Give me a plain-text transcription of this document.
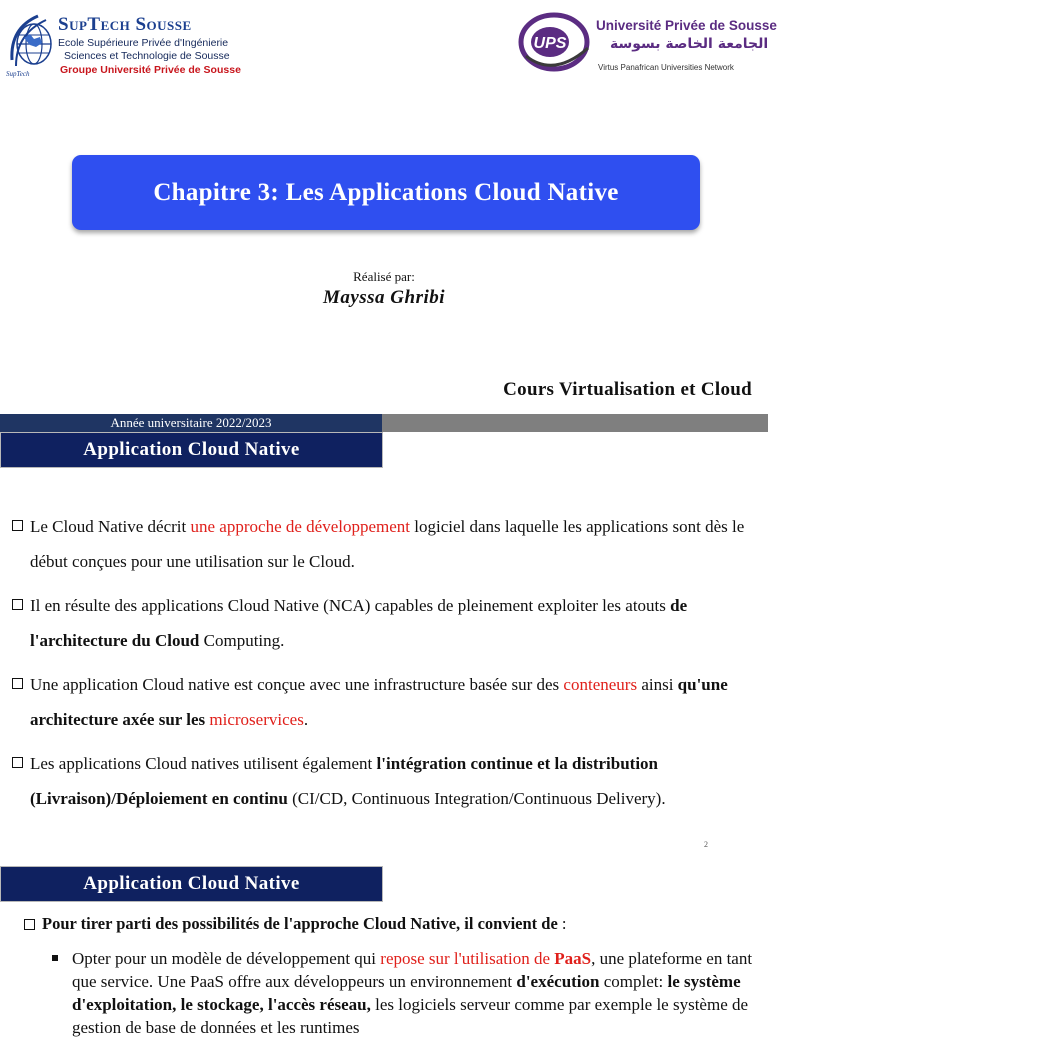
SupTech Sousse
Ecole Supérieure Privée d'Ingénierie
Sciences et Technologie de Sousse
Groupe Université Privée de Sousse
SupTech
UPS
Université Privée de Sousse
الجامعة الخاصة بسوسة
Virtus Panafrican Universities Network
Chapitre 3: Les Applications Cloud Native
Réalisé par:
Mayssa Ghribi
Cours Virtualisation et Cloud
Année universitaire 2022/2023	1
Application Cloud Native
Le Cloud Native décrit une approche de développement logiciel dans laquelle les applications sont dès le début conçues pour une utilisation sur le Cloud.
Il en résulte des applications Cloud Native (NCA) capables de pleinement exploiter les atouts de l'architecture du Cloud Computing.
Une application Cloud native est conçue avec une infrastructure basée sur des conteneurs ainsi qu'une architecture axée sur les microservices.
Les applications Cloud natives utilisent également l'intégration continue et la distribution (Livraison)/Déploiement en continu (CI/CD, Continuous Integration/Continuous Delivery).
2
Application Cloud Native
Pour tirer parti des possibilités de l'approche Cloud Native, il convient de :
Opter pour un modèle de développement qui repose sur l'utilisation de PaaS, une plateforme en tant que service. Une PaaS offre aux développeurs un environnement d'exécution complet: le système d'exploitation, le stockage, l'accès réseau, les logiciels serveur comme par exemple le système de gestion de base de données et les runtimes
